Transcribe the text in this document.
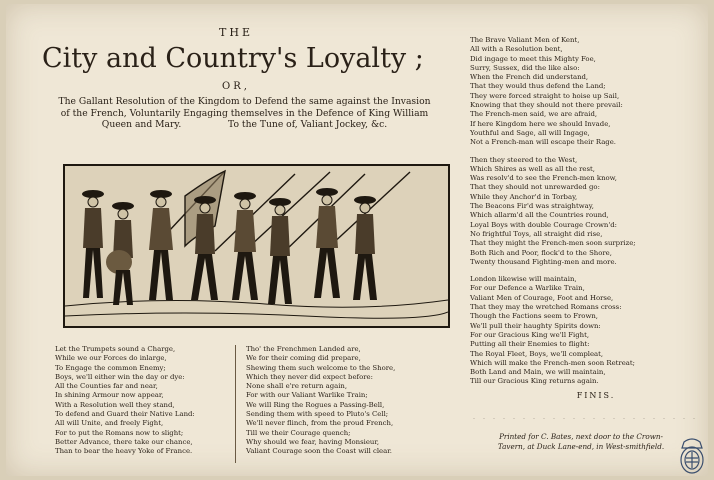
THE
City and Country's Loyalty ;
OR,
The Gallant Resolution of the Kingdom to Defend the same against the Invasion
of the French, Voluntarily Engaging themselves in the Defence of King William
Queen and Mary.                To the Tune of, Valiant Jockey, &c.
Let the Trumpets sound a Charge,
While we our Forces do inlarge,
To Engage the common Enemy;
Boys, we'll either win the day or dye:
All the Counties far and near,
In shining Armour now appear,
With a Resolution well they stand,
To defend and Guard their Native Land:
All will Unite, and freely Fight,
For to put the Romans now to slight;
Better Advance, there take our chance,
Than to bear the heavy Yoke of France.
Tho' the Frenchmen Landed are,
We for their coming did prepare,
Shewing them such welcome to the Shore,
Which they never did expect before:
None shall e're return again,
For with our Valiant Warlike Train;
We will Ring the Rogues a Passing-Bell,
Sending them with speed to Pluto's Cell;
We'll never flinch, from the proud French,
Till we their Courage quench;
Why should we fear, having Monsieur,
Valiant Courage soon the Coast will clear.
The Brave Valiant Men of Kent,
All with a Resolution bent,
Did ingage to meet this Mighty Foe,
Surry, Sussex, did the like also:
When the French did understand,
That they would thus defend the Land;
They were forced straight to hoise up Sail,
Knowing that they should not there prevail:
The French-men said, we are afraid,
If here Kingdom here we should Invade,
Youthful and Sage, all will Ingage,
Not a French-man will escape their Rage.
Then they steered to the West,
Which Shires as well as all the rest,
Was resolv'd to see the French-men know,
That they should not unrewarded go:
While they Anchor'd in Torbay,
The Beacons Fir'd was straightway,
Which allarm'd all the Countries round,
Loyal Boys with double Courage Crown'd:
No frightful Toys, all straight did rise,
That they might the French-men soon surprize;
Both Rich and Poor, flock'd to the Shore,
Twenty thousand Fighting-men and more.
London likewise will maintain,
For our Defence a Warlike Train,
Valiant Men of Courage, Foot and Horse,
That they may the wretched Romans cross:
Though the Factions seem to Frown,
We'll pull their haughty Spirits down:
For our Gracious King we'll Fight,
Putting all their Enemies to flight:
The Royal Fleet, Boys, we'll compleat,
Which will make the French-men soon Retreat;
Both Land and Main, we will maintain,
Till our Gracious King returns again.
FINIS.
Printed for C. Bates, next door to the Crown-
Tavern, at Duck Lane-end, in West-smithfield.
